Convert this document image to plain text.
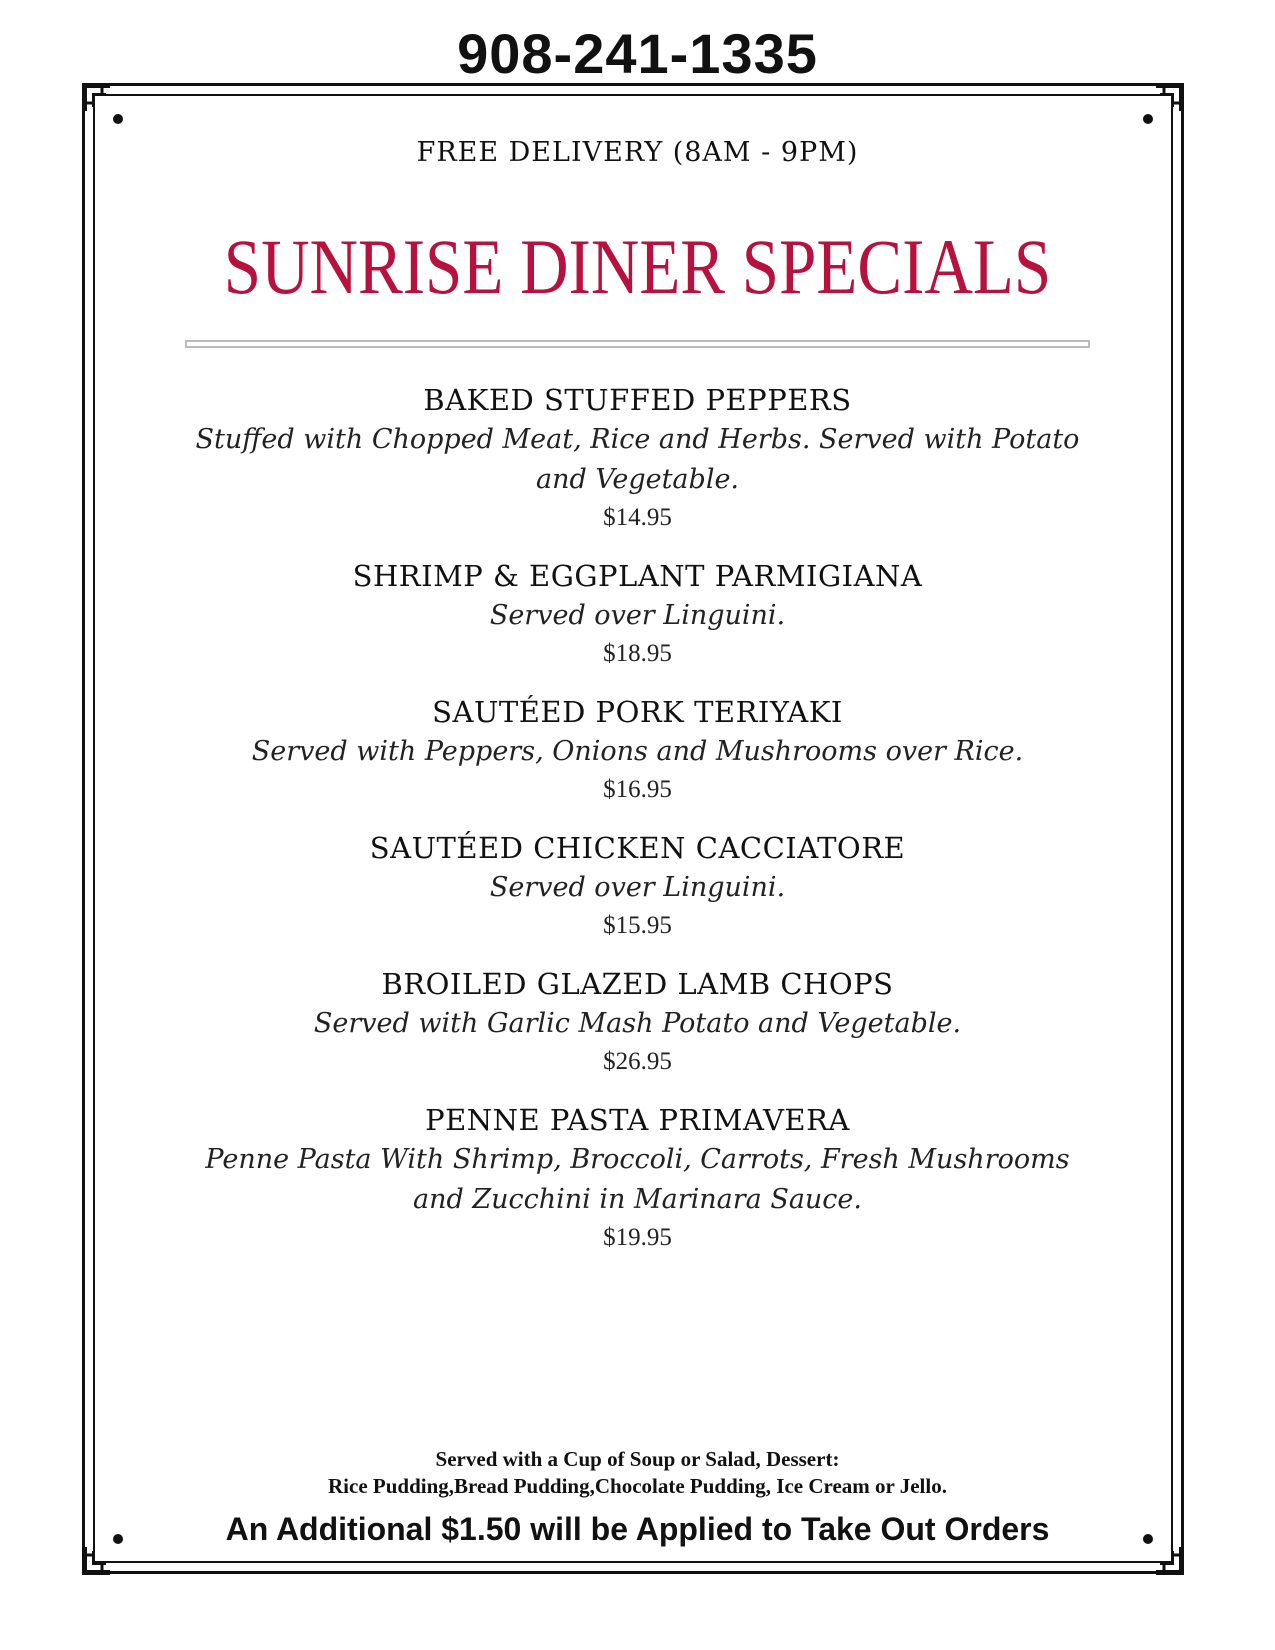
908-241-1335
FREE DELIVERY (8AM - 9PM)
SUNRISE DINER SPECIALS
BAKED STUFFED PEPPERS
Stuffed with Chopped Meat, Rice and Herbs. Served with Potato and Vegetable.
$14.95
SHRIMP & EGGPLANT PARMIGIANA
Served over Linguini.
$18.95
SAUTÉED PORK TERIYAKI
Served with Peppers, Onions and Mushrooms over Rice.
$16.95
SAUTÉED CHICKEN CACCIATORE
Served over Linguini.
$15.95
BROILED GLAZED LAMB CHOPS
Served with Garlic Mash Potato and Vegetable.
$26.95
PENNE PASTA PRIMAVERA
Penne Pasta With Shrimp, Broccoli, Carrots, Fresh Mushrooms and Zucchini in Marinara Sauce.
$19.95
Served with a Cup of Soup or Salad, Dessert:
Rice Pudding,Bread Pudding,Chocolate Pudding, Ice Cream or Jello.
An Additional $1.50 will be Applied to Take Out Orders
